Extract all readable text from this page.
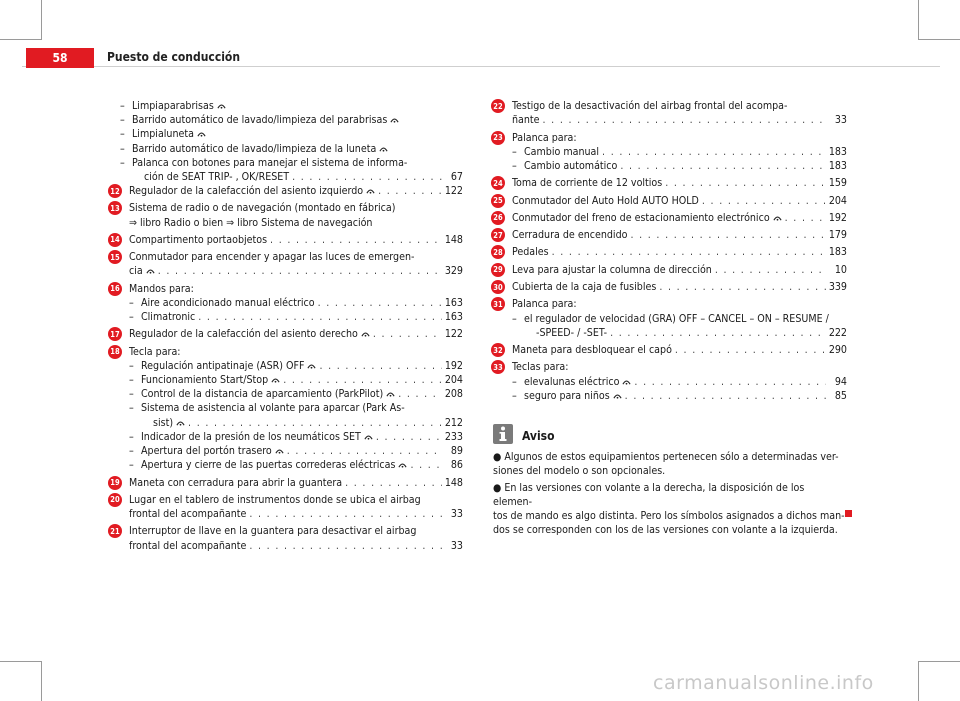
58	Puesto de conducción
– Limpiaparabrisas
– Barrido automático de lavado/limpieza del parabrisas
– Limpialuneta
– Barrido automático de lavado/limpieza de la luneta
– Palanca con botones para manejar el sistema de informa-
ción de SEAT TRIP- , OK/RESET . . .	67
12 Regulador de la calefacción del asiento izquierdo . . .	122
13 Sistema de radio o de navegación (montado en fábrica)
⇒ libro Radio o bien ⇒ libro Sistema de navegación
14 Compartimento portaobjetos . . .	148
15 Conmutador para encender y apagar las luces de emergen-
cia . . .	329
16 Mandos para:
– Aire acondicionado manual eléctrico . . .	163
– Climatronic . . .	163
17 Regulador de la calefacción del asiento derecho . . .	122
18 Tecla para:
– Regulación antipatinaje (ASR) OFF . . .	192
– Funcionamiento Start/Stop . . .	204
– Control de la distancia de aparcamiento (ParkPilot) . . .	208
– Sistema de asistencia al volante para aparcar (Park As-
sist) . . .	212
– Indicador de la presión de los neumáticos SET . . .	233
– Apertura del portón trasero . . .	89
– Apertura y cierre de las puertas correderas eléctricas . . .	86
19 Maneta con cerradura para abrir la guantera . . .	148
20 Lugar en el tablero de instrumentos donde se ubica el airbag
frontal del acompañante . . .	33
21 Interruptor de llave en la guantera para desactivar el airbag
frontal del acompañante . . .	33
22 Testigo de la desactivación del airbag frontal del acompa-
ñante . . .	33
23 Palanca para:
– Cambio manual . . .	183
– Cambio automático . . .	183
24 Toma de corriente de 12 voltios . . .	159
25 Conmutador del Auto Hold AUTO HOLD . . .	204
26 Conmutador del freno de estacionamiento electrónico . . .	192
27 Cerradura de encendido . . .	179
28 Pedales . . .	183
29 Leva para ajustar la columna de dirección . . .	10
30 Cubierta de la caja de fusibles . . .	339
31 Palanca para:
– el regulador de velocidad (GRA) OFF – CANCEL – ON – RESUME /
-SPEED- / -SET- . . .	222
32 Maneta para desbloquear el capó . . .	290
33 Teclas para:
– elevalunas eléctrico . . .	94
– seguro para niños . . .	85
Aviso
● Algunos de estos equipamientos pertenecen sólo a determinadas ver-
siones del modelo o son opcionales.
● En las versiones con volante a la derecha, la disposición de los elemen-
tos de mando es algo distinta. Pero los símbolos asignados a dichos man-
dos se corresponden con los de las versiones con volante a la izquierda.
carmanualsonline.info
